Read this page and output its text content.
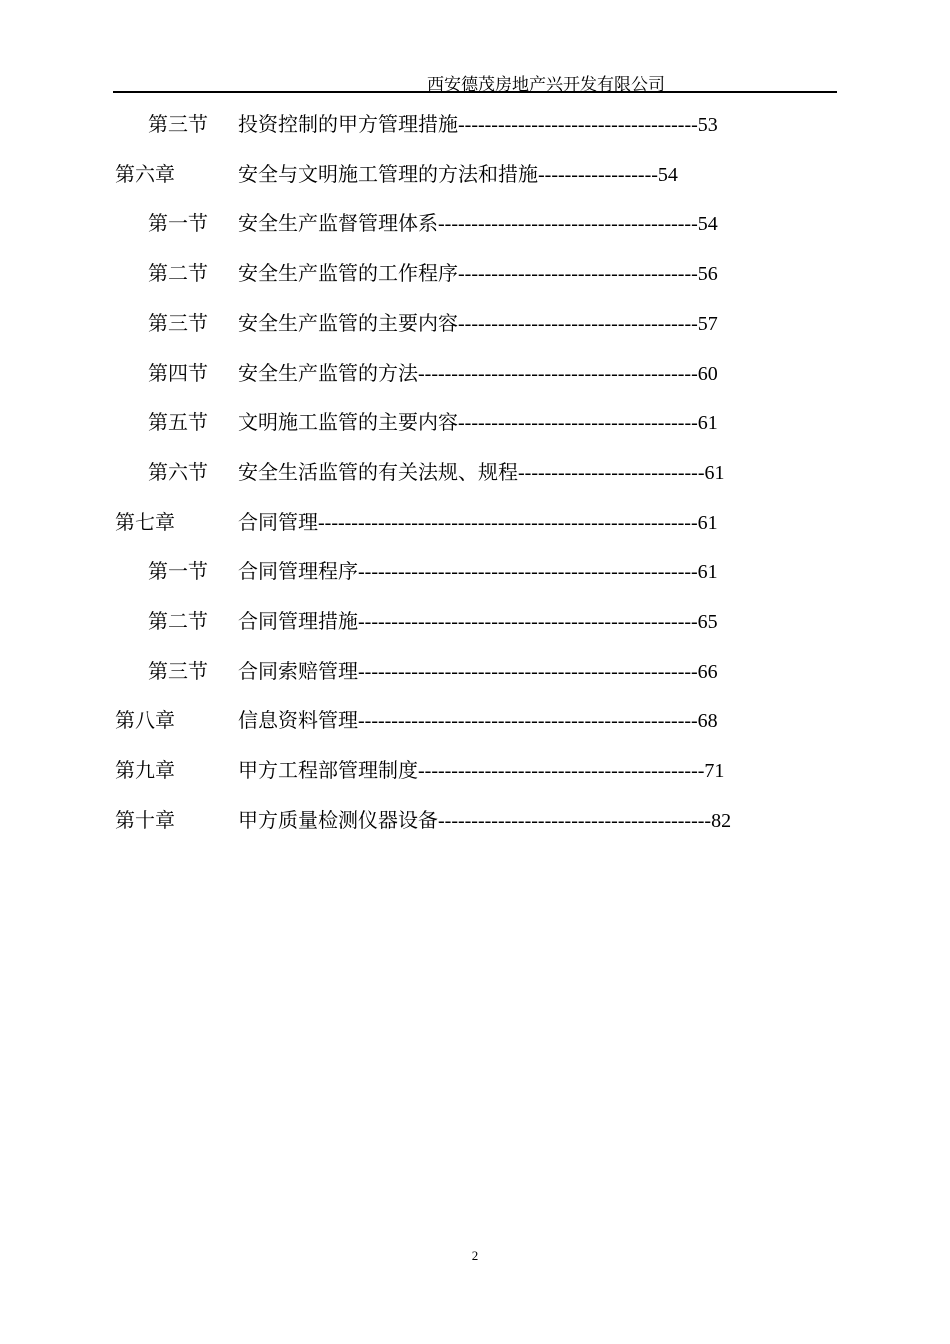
西安德茂房地产兴开发有限公司
第三节 投资控制的甲方管理措施------------------------------------53
第六章	安全与文明施工管理的方法和措施------------------54
第一节 安全生产监督管理体系---------------------------------------54
第二节 安全生产监管的工作程序------------------------------------56
第三节 安全生产监管的主要内容------------------------------------57
第四节 安全生产监管的方法------------------------------------------60
第五节 文明施工监管的主要内容------------------------------------61
第六节 安全生活监管的有关法规、规程----------------------------61
第七章	合同管理---------------------------------------------------------61
第一节 合同管理程序---------------------------------------------------61
第二节 合同管理措施---------------------------------------------------65
第三节 合同索赔管理---------------------------------------------------66
第八章	信息资料管理---------------------------------------------------68
第九章	甲方工程部管理制度-------------------------------------------71
第十章	甲方质量检测仪器设备-----------------------------------------82
2
